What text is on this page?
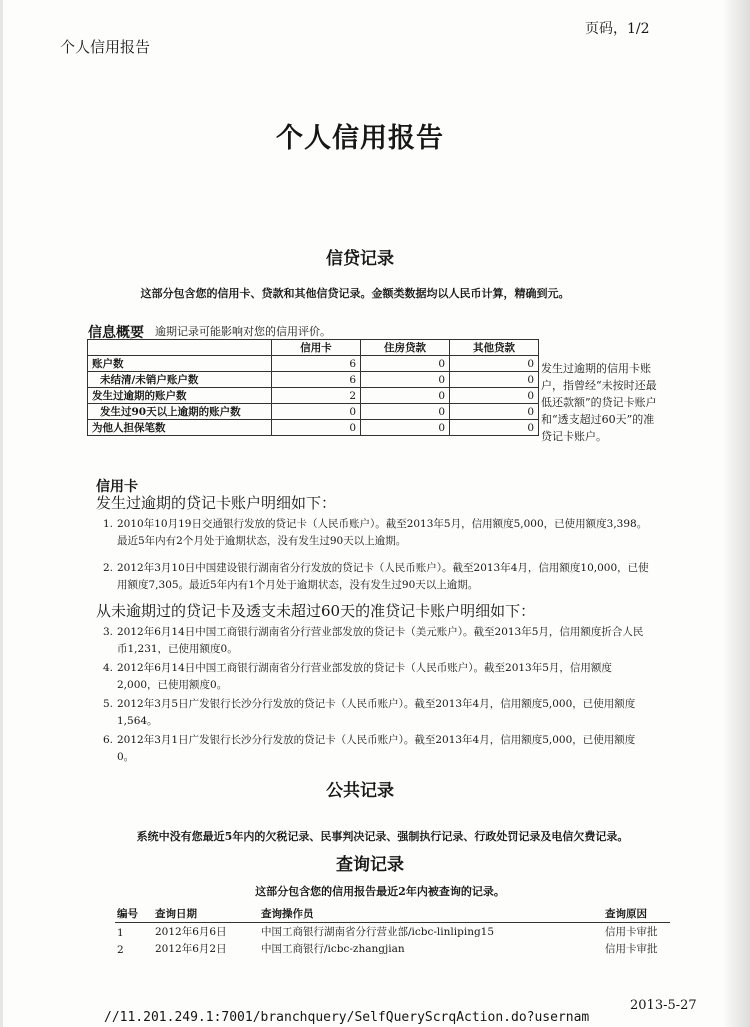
个人信用报告
页码，1/2
个人信用报告
信贷记录
这部分包含您的信用卡、贷款和其他信贷记录。金额类数据均以人民币计算，精确到元。
信息概要 逾期记录可能影响对您的信用评价。
	信用卡	住房贷款	其他贷款
账户数	6	0	0
未结清/未销户账户数	6	0	0
发生过逾期的账户数	2	0	0
发生过90天以上逾期的账户数	0	0	0
为他人担保笔数	0	0	0
发生过逾期的信用卡账户，指曾经“未按时还最低还款额”的贷记卡账户和“透支超过60天”的准贷记卡账户。
信用卡
发生过逾期的贷记卡账户明细如下：
1. 2010年10月19日交通银行发放的贷记卡（人民币账户）。截至2013年5月，信用额度5,000，已使用额度3,398。
最近5年内有2个月处于逾期状态，没有发生过90天以上逾期。
2. 2012年3月10日中国建设银行湖南省分行发放的贷记卡（人民币账户）。截至2013年4月，信用额度10,000，已使
用额度7,305。最近5年内有1个月处于逾期状态，没有发生过90天以上逾期。
从未逾期过的贷记卡及透支未超过60天的准贷记卡账户明细如下：
3. 2012年6月14日中国工商银行湖南省分行营业部发放的贷记卡（美元账户）。截至2013年5月，信用额度折合人民
币1,231，已使用额度0。
4. 2012年6月14日中国工商银行湖南省分行营业部发放的贷记卡（人民币账户）。截至2013年5月，信用额度
2,000，已使用额度0。
5. 2012年3月5日广发银行长沙分行发放的贷记卡（人民币账户）。截至2013年4月，信用额度5,000，已使用额度
1,564。
6. 2012年3月1日广发银行长沙分行发放的贷记卡（人民币账户）。截至2013年4月，信用额度5,000，已使用额度
0。
公共记录
系统中没有您最近5年内的欠税记录、民事判决记录、强制执行记录、行政处罚记录及电信欠费记录。
查询记录
这部分包含您的信用报告最近2年内被查询的记录。
编号	查询日期	查询操作员	查询原因
1	2012年6月6日	中国工商银行湖南省分行营业部/icbc-linliping15	信用卡审批
2	2012年6月2日	中国工商银行/icbc-zhangjian	信用卡审批
2013-5-27
//11.201.249.1:7001/branchquery/SelfQueryScrqAction.do?usernam
